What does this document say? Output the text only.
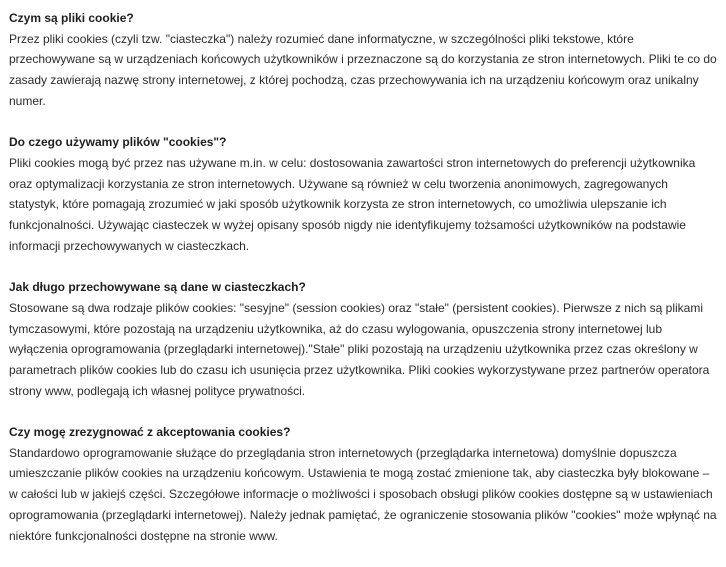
Czym są pliki cookie?

Przez pliki cookies (czyli tzw. "ciasteczka") należy rozumieć dane informatyczne, w szczególności pliki tekstowe, które przechowywane są w urządzeniach końcowych użytkowników i przeznaczone są do korzystania ze stron internetowych. Pliki te co do zasady zawierają nazwę strony internetowej, z której pochodzą, czas przechowywania ich na urządzeniu końcowym oraz unikalny numer.

Do czego używamy plików "cookies"?

Pliki cookies mogą być przez nas używane m.in. w celu: dostosowania zawartości stron internetowych do preferencji użytkownika oraz optymalizacji korzystania ze stron internetowych. Używane są również w celu tworzenia anonimowych, zagregowanych statystyk, które pomagają zrozumieć w jaki sposób użytkownik korzysta ze stron internetowych, co umożliwia ulepszanie ich funkcjonalności. Używając ciasteczek w wyżej opisany sposób nigdy nie identyfikujemy tożsamości użytkowników na podstawie informacji przechowywanych w ciasteczkach.

Jak długo przechowywane są dane w ciasteczkach?

Stosowane są dwa rodzaje plików cookies: "sesyjne" (session cookies) oraz "stałe" (persistent cookies). Pierwsze z nich są plikami tymczasowymi, które pozostają na urządzeniu użytkownika, aż do czasu wylogowania, opuszczenia strony internetowej lub wyłączenia oprogramowania (przeglądarki internetowej)."Stałe" pliki pozostają na urządzeniu użytkownika przez czas określony w parametrach plików cookies lub do czasu ich usunięcia przez użytkownika. Pliki cookies wykorzystywane przez partnerów operatora strony www, podlegają ich własnej polityce prywatności.

Czy mogę zrezygnować z akceptowania cookies?

Standardowo oprogramowanie służące do przeglądania stron internetowych (przeglądarka internetowa) domyślnie dopuszcza umieszczanie plików cookies na urządzeniu końcowym. Ustawienia te mogą zostać zmienione tak, aby ciasteczka były blokowane – w całości lub w jakiejś części. Szczegółowe informacje o możliwości i sposobach obsługi plików cookies dostępne są w ustawieniach oprogramowania (przeglądarki internetowej). Należy jednak pamiętać, że ograniczenie stosowania plików "cookies" może wpłynąć na niektóre funkcjonalności dostępne na stronie www.
